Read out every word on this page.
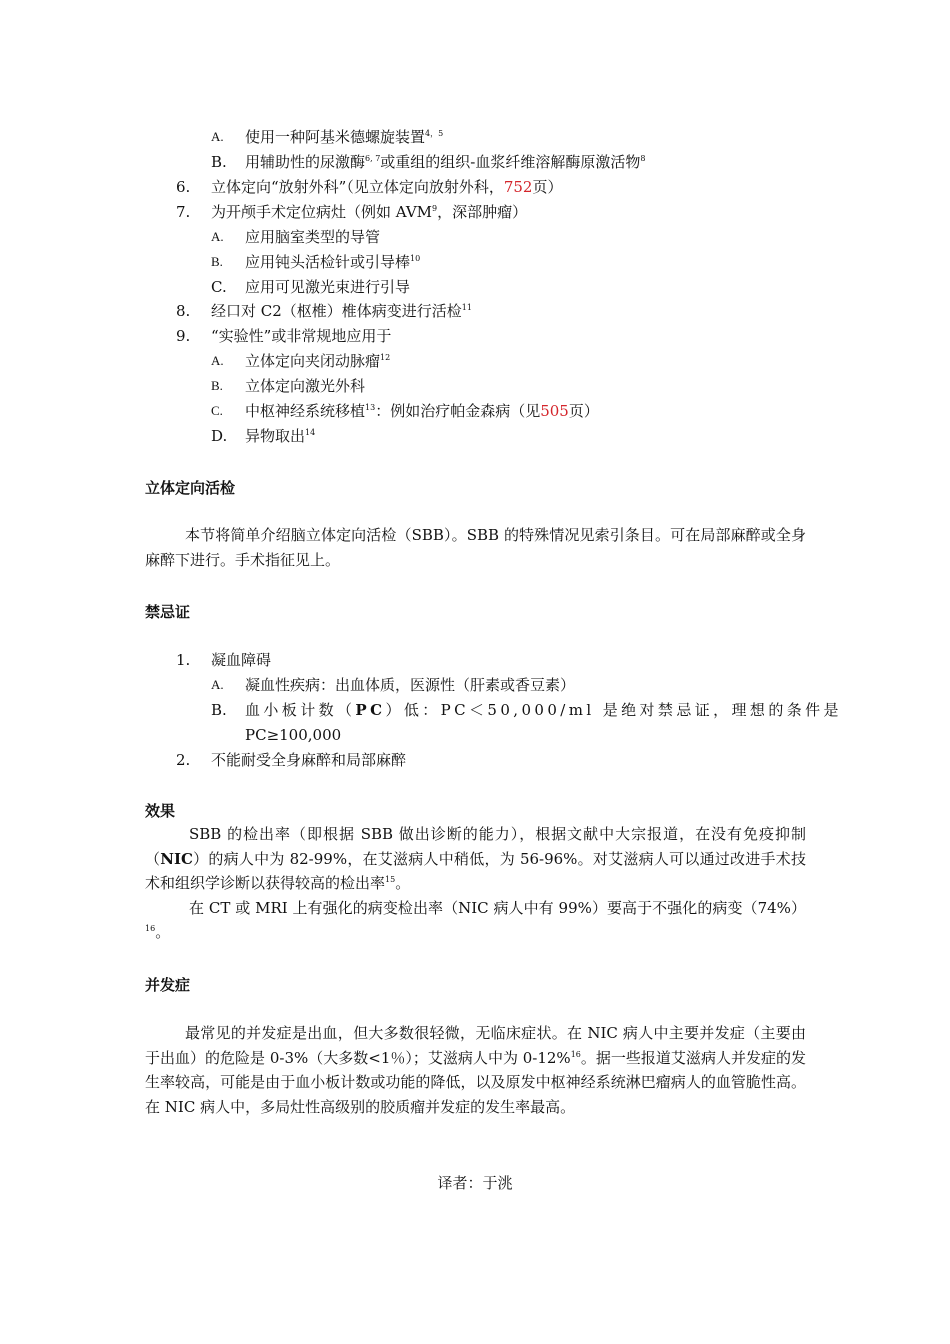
A. 使用一种阿基米德螺旋装置$^{4,5}$
B. 用辅助性的尿激酶$^{6, 7}$或重组的组织-血浆纤维溶解酶原激活物$^8$
6. 立体定向“放射外科”（见立体定向放射外科，752页）
7. 为开颅手术定位病灶（例如 AVM$^9$，深部肿瘤）
A. 应用脑室类型的导管
B. 应用钝头活检针或引导棒$^{10}$
C. 应用可见激光束进行引导
8. 经口对 C2（枢椎）椎体病变进行活检$^{11}$
9. “实验性”或非常规地应用于
A. 立体定向夹闭动脉瘤$^{12}$
B. 立体定向激光外科
C. 中枢神经系统移植$^{13}$：例如治疗帕金森病（见505页）
D. 异物取出$^{14}$
立体定向活检

本节将简单介绍脑立体定向活检（SBB）。SBB 的特殊情况见索引条目。可在局部麻醉或全身麻醉下进行。手术指征见上。

禁忌证
1. 凝血障碍
A. 凝血性疾病：出血体质，医源性（肝素或香豆素）
B. 血小板计数（PC）低：PC＜50,000/ml 是绝对禁忌证，理想的条件是
PC≥100,000
2. 不能耐受全身麻醉和局部麻醉
效果

SBB 的检出率（即根据 SBB 做出诊断的能力），根据文献中大宗报道，在没有免疫抑制（NIC）的病人中为 82-99%，在艾滋病人中稍低，为 56-96%。对艾滋病人可以通过改进手术技术和组织学诊断以获得较高的检出率$^{15}$。

在 CT 或 MRI 上有强化的病变检出率（NIC 病人中有 99%）要高于不强化的病变$(74\%)^{16}$。

并发症

最常见的并发症是出血，但大多数很轻微，无临床症状。在 NIC 病人中主要并发症（主要由于出血）的危险是 0-3%（大多数<1％）；艾滋病人中为 0-12%$^{16}$。据一些报道艾滋病人并发症的发生率较高，可能是由于血小板计数或功能的降低，以及原发中枢神经系统淋巴瘤病人的血管脆性高。在 NIC 病人中，多局灶性高级别的胶质瘤并发症的发生率最高。

译者：于洮
